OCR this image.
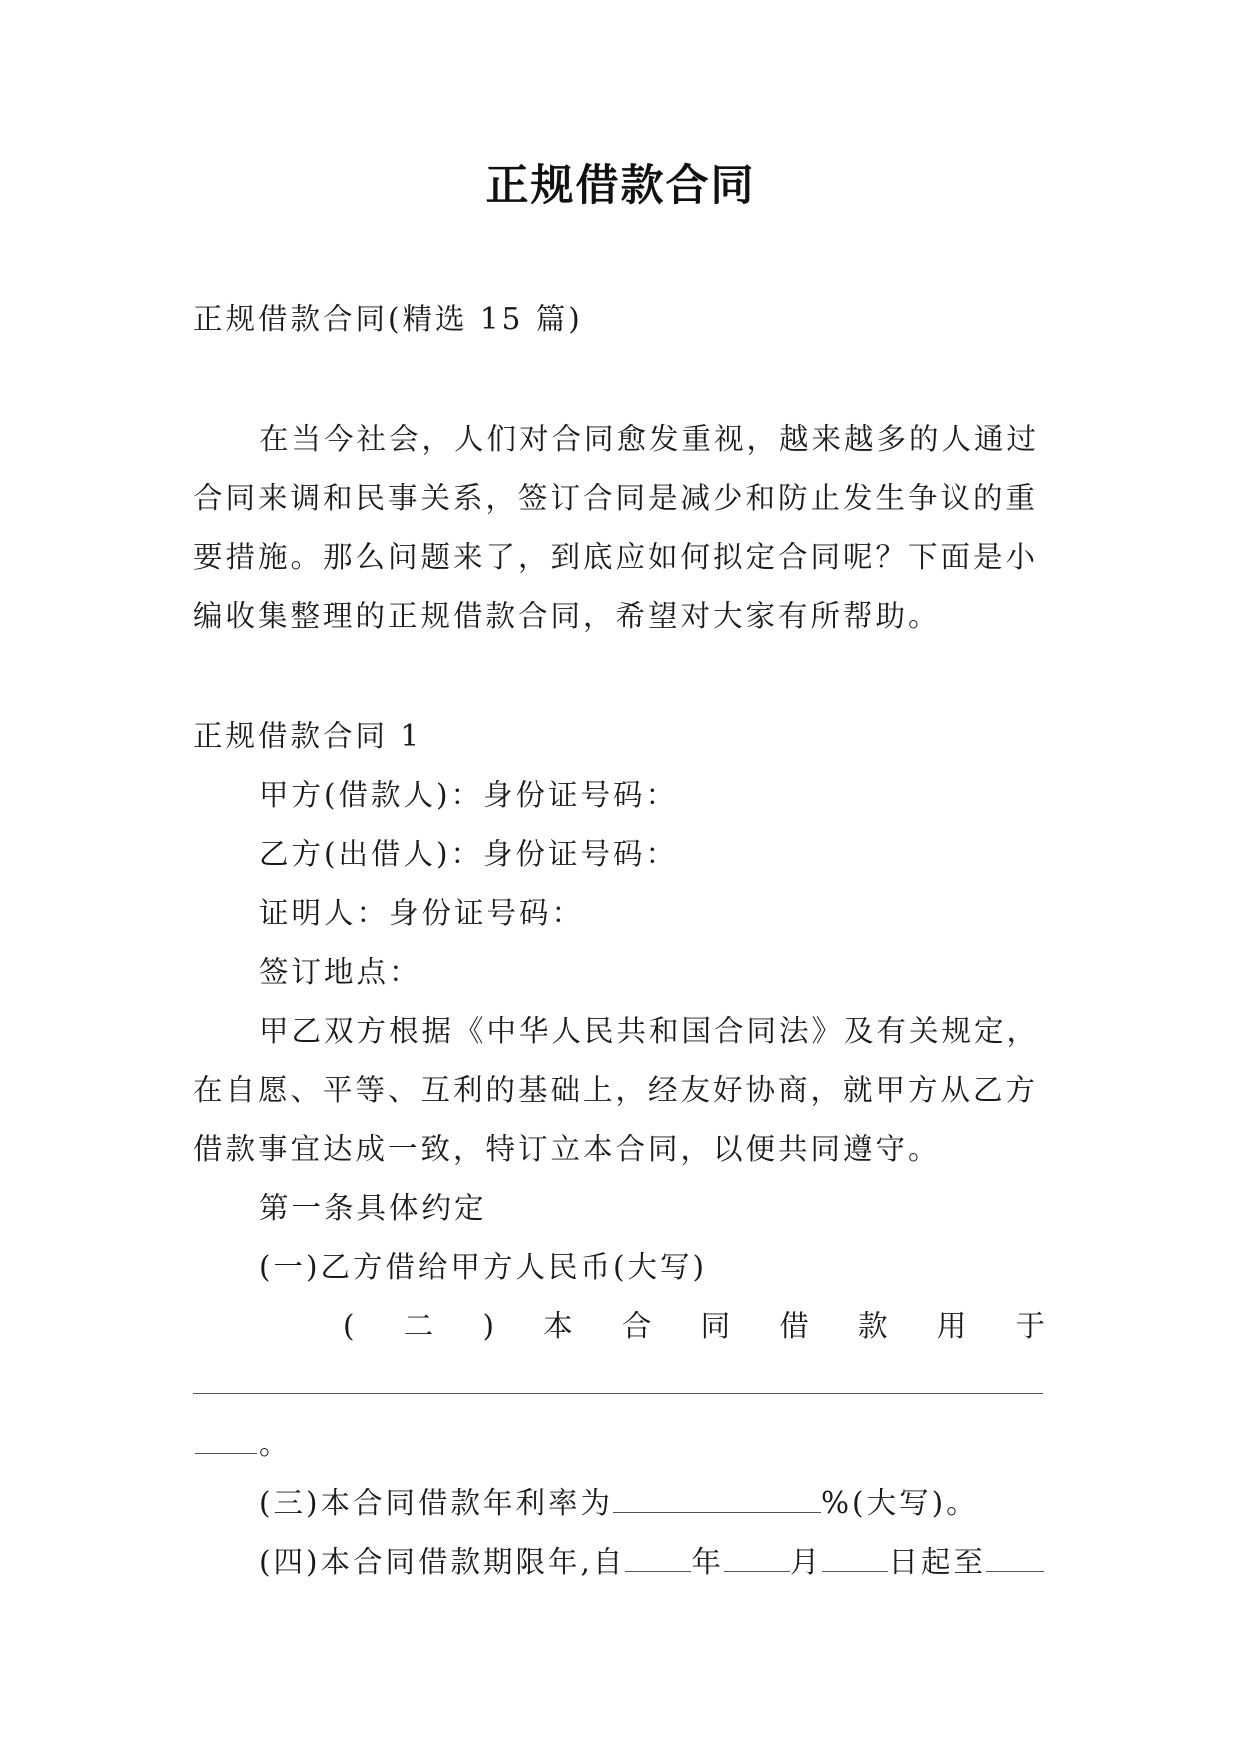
正规借款合同

正规借款合同(精选 15 篇)

在当今社会，人们对合同愈发重视，越来越多的人通过

合同来调和民事关系，签订合同是减少和防止发生争议的重

要措施。那么问题来了，到底应如何拟定合同呢？下面是小

编收集整理的正规借款合同，希望对大家有所帮助。

正规借款合同 1

甲方(借款人)：身份证号码：

乙方(出借人)：身份证号码：

证明人：身份证号码：

签订地点：

甲乙双方根据《中华人民共和国合同法》及有关规定，

在自愿、平等、互利的基础上，经友好协商，就甲方从乙方

借款事宜达成一致，特订立本合同，以便共同遵守。

第一条具体约定

(一)乙方借给甲方人民币(大写)

( 二 ) 本 合 同 借 款 用 于

。

(三)本合同借款年利率为	%(大写)。

(四)本合同借款期限年,自 年 月 日起至
